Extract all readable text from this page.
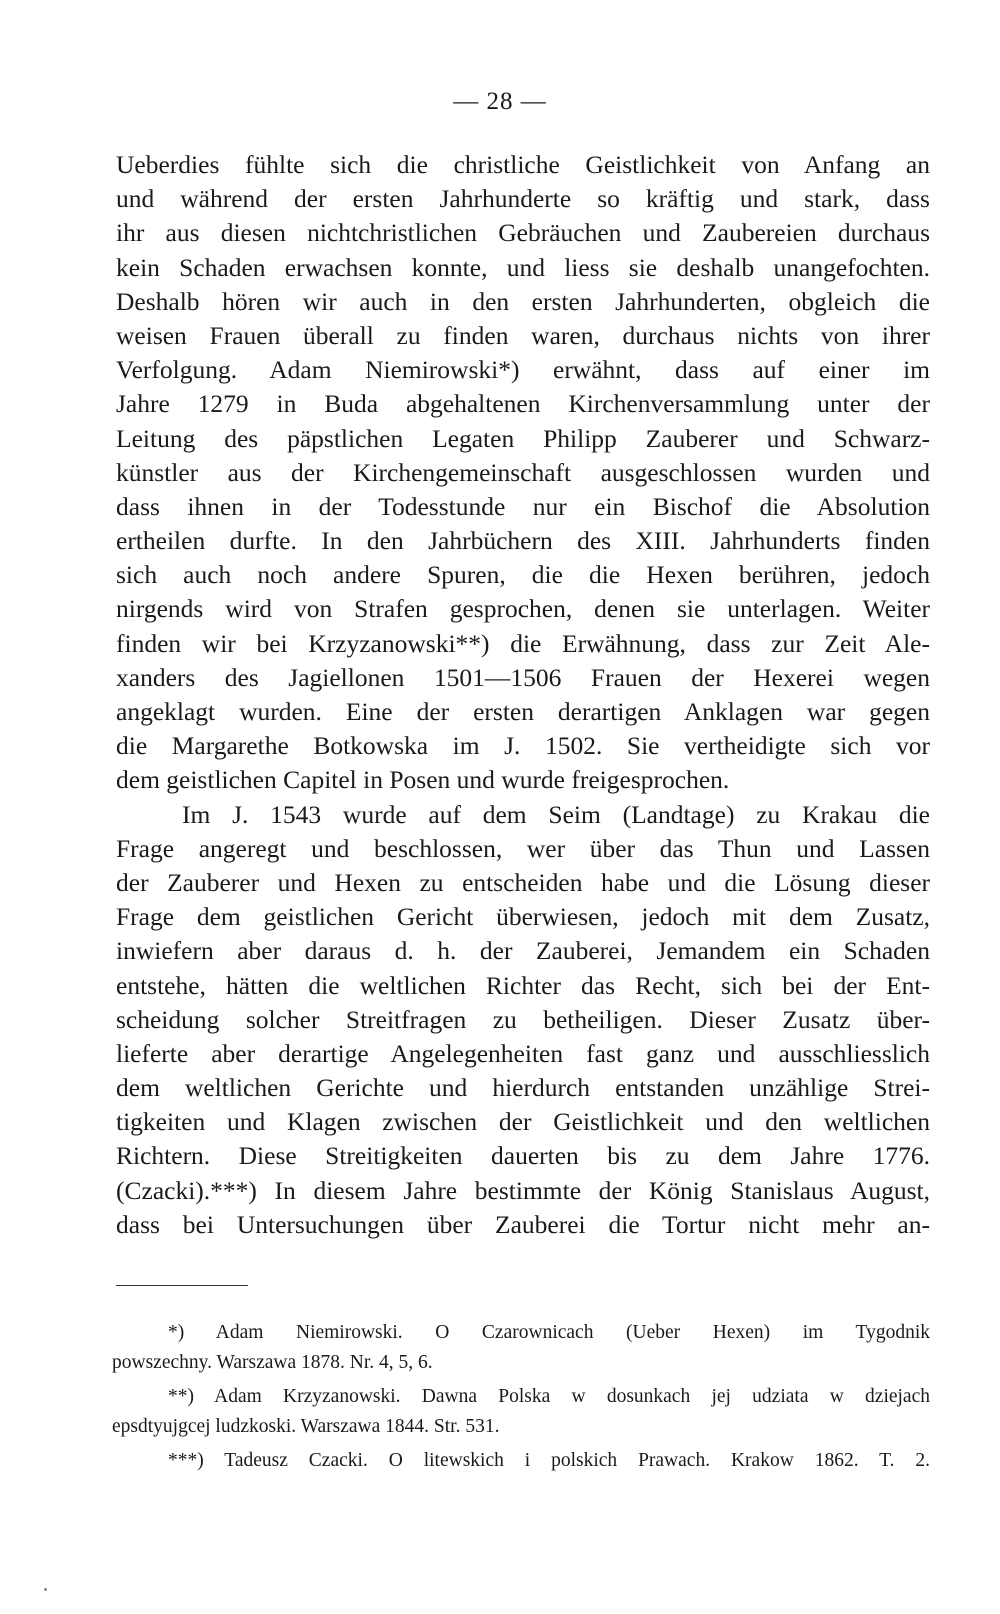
— 28 —
Ueberdies fühlte sich die christliche Geistlichkeit von Anfang an
und während der ersten Jahrhunderte so kräftig und stark, dass
ihr aus diesen nichtchristlichen Gebräuchen und Zaubereien durchaus
kein Schaden erwachsen konnte, und liess sie deshalb unangefochten.
Deshalb hören wir auch in den ersten Jahrhunderten, obgleich die
weisen Frauen überall zu finden waren, durchaus nichts von ihrer
Verfolgung. Adam Niemirowski*) erwähnt, dass auf einer im
Jahre 1279 in Buda abgehaltenen Kirchenversammlung unter der
Leitung des päpstlichen Legaten Philipp Zauberer und Schwarz-
künstler aus der Kirchengemeinschaft ausgeschlossen wurden und
dass ihnen in der Todesstunde nur ein Bischof die Absolution
ertheilen durfte. In den Jahrbüchern des XIII. Jahrhunderts finden
sich auch noch andere Spuren, die die Hexen berühren, jedoch
nirgends wird von Strafen gesprochen, denen sie unterlagen. Weiter
finden wir bei Krzyzanowski**) die Erwähnung, dass zur Zeit Ale-
xanders des Jagiellonen 1501—1506 Frauen der Hexerei wegen
angeklagt wurden. Eine der ersten derartigen Anklagen war gegen
die Margarethe Botkowska im J. 1502. Sie vertheidigte sich vor
dem geistlichen Capitel in Posen und wurde freigesprochen.
Im J. 1543 wurde auf dem Seim (Landtage) zu Krakau die
Frage angeregt und beschlossen, wer über das Thun und Lassen
der Zauberer und Hexen zu entscheiden habe und die Lösung dieser
Frage dem geistlichen Gericht überwiesen, jedoch mit dem Zusatz,
inwiefern aber daraus d. h. der Zauberei, Jemandem ein Schaden
entstehe, hätten die weltlichen Richter das Recht, sich bei der Ent-
scheidung solcher Streitfragen zu betheiligen. Dieser Zusatz über-
lieferte aber derartige Angelegenheiten fast ganz und ausschliesslich
dem weltlichen Gerichte und hierdurch entstanden unzählige Strei-
tigkeiten und Klagen zwischen der Geistlichkeit und den weltlichen
Richtern. Diese Streitigkeiten dauerten bis zu dem Jahre 1776.
(Czacki).***) In diesem Jahre bestimmte der König Stanislaus August,
dass bei Untersuchungen über Zauberei die Tortur nicht mehr an-
*) Adam Niemirowski. O Czarownicach (Ueber Hexen) im Tygodnik
powszechny. Warszawa 1878. Nr. 4, 5, 6.
**) Adam Krzyzanowski. Dawna Polska w dosunkach jej udziata w dziejach
epsdtyujgcej ludzkoski. Warszawa 1844. Str. 531.
***) Tadeusz Czacki. O litewskich i polskich Prawach. Krakow 1862. T. 2.
